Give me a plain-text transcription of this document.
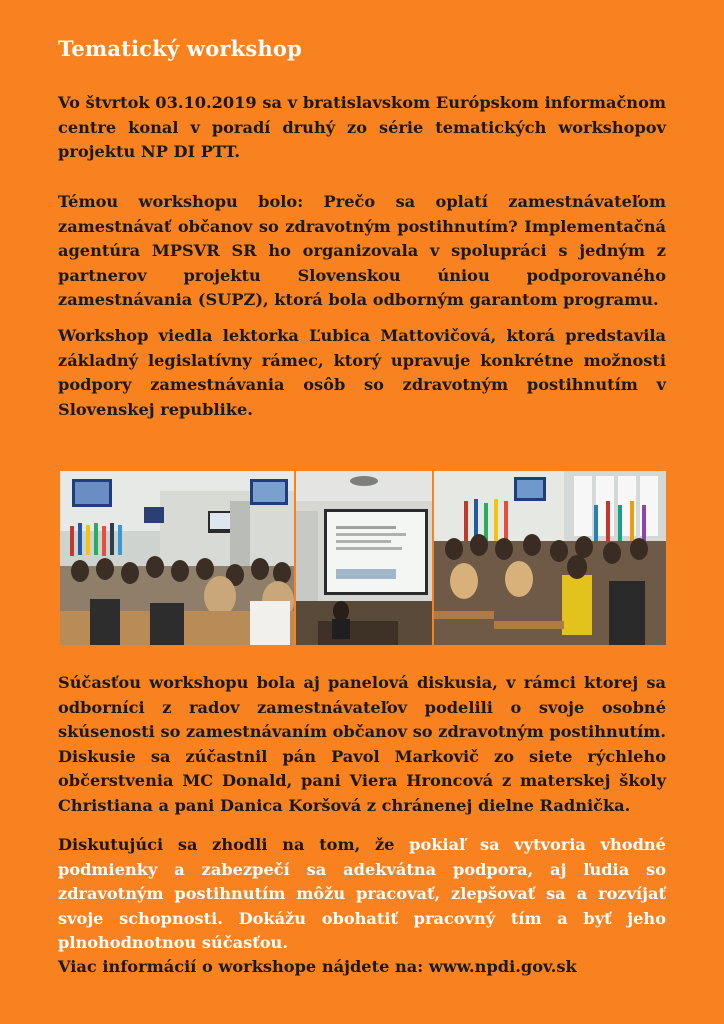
Tematický workshop

Vo štvrtok 03.10.2019 sa v bratislavskom Európskom informačnom centre konal v poradí druhý zo série tematických workshopov projektu NP DI PTT.

Témou workshopu bolo: Prečo sa oplatí zamestnávateľom zamestnávať občanov so zdravotným postihnutím? Implementačná agentúra MPSVR SR ho organizovala v spolupráci s jedným z partnerov projektu Slovenskou úniou podporovaného zamestnávania (SUPZ), ktorá bola odborným garantom programu.

Workshop viedla lektorka Ľubica Mattovičová, ktorá predstavila základný legislatívny rámec, ktorý upravuje konkrétne možnosti podpory zamestnávania osôb so zdravotným postihnutím v Slovenskej republike.

Súčasťou workshopu bola aj panelová diskusia, v rámci ktorej sa odborníci z radov zamestnávateľov podelili o svoje osobné skúsenosti so zamestnávaním občanov so zdravotným postihnutím. Diskusie sa zúčastnil pán Pavol Markovič zo siete rýchleho občerstvenia MC Donald, pani Viera Hroncová z materskej školy Christiana a pani Danica Koršová z chránenej dielne Radnička.

Diskutujúci sa zhodli na tom, že pokiaľ sa vytvoria vhodné podmienky a zabezpečí sa adekvátna podpora, aj ľudia so zdravotným postihnutím môžu pracovať, zlepšovať sa a rozvíjať svoje schopnosti. Dokážu obohatiť pracovný tím a byť jeho plnohodnotnou súčasťou.

Viac informácií o workshope nájdete na: www.npdi.gov.sk
